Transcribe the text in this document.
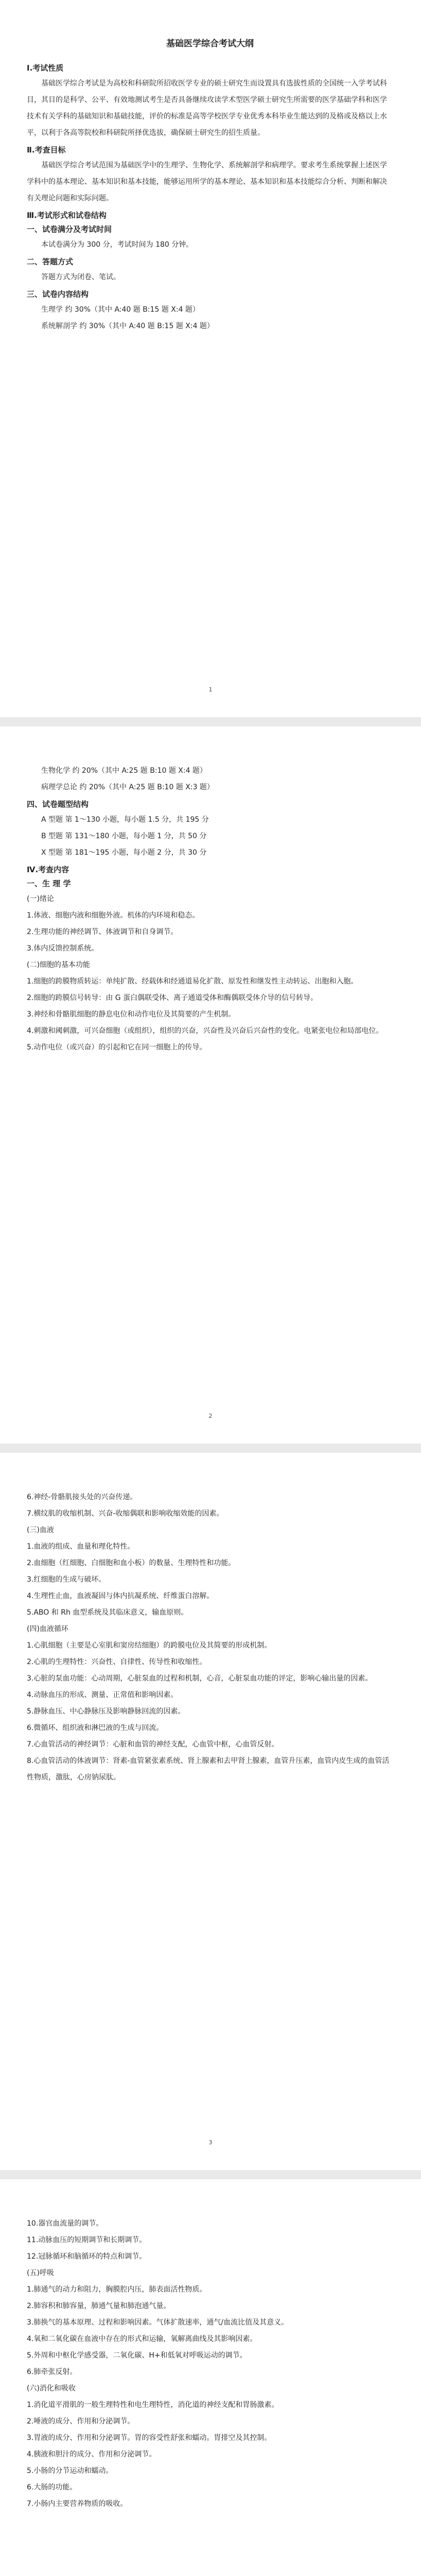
基础医学综合考试大纲
Ⅰ.考试性质
基础医学综合考试是为高校和科研院所招收医学专业的硕士研究生而设置具有选拔性质的全国统一入学考试科目，其目的是科学、公平、有效地测试考生是否具备继续攻读学术型医学硕士研究生所需要的医学基础学科和医学技术有关学科的基础知识和基础技能，评价的标准是高等学校医学专业优秀本科毕业生能达到的及格或及格以上水平，以利于各高等院校和科研院所择优选拔，确保硕士研究生的招生质量。
Ⅱ.考查目标
基础医学综合考试范围为基础医学中的生理学、生物化学、系统解剖学和病理学。要求考生系统掌握上述医学学科中的基本理论、基本知识和基本技能，能够运用所学的基本理论、基本知识和基本技能综合分析、判断和解决有关理论问题和实际问题。
Ⅲ.考试形式和试卷结构
一、试卷满分及考试时间
本试卷满分为 300 分，考试时间为 180 分钟。
二、答题方式
答题方式为闭卷、笔试。
三、试卷内容结构
生理学 约 30%（其中 A:40 题 B:15 题 X:4 题）
系统解剖学 约 30%（其中 A:40 题 B:15 题 X:4 题）
1
生物化学 约 20%（其中 A:25 题 B:10 题 X:4 题）
病理学总论 约 20%（其中 A:25 题 B:10 题 X:3 题）
四、试卷题型结构
A 型题 第 1～130 小题，每小题 1.5 分，共 195 分
B 型题 第 131～180 小题，每小题 1 分，共 50 分
X 型题 第 181～195 小题，每小题 2 分，共 30 分
Ⅳ.考查内容
一、生 理 学
(一)绪论
1.体液、细胞内液和细胞外液。机体的内环境和稳态。
2.生理功能的神经调节、体液调节和自身调节。
3.体内反馈控制系统。
(二)细胞的基本功能
1.细胞的跨膜物质转运：单纯扩散、经载体和经通道易化扩散、原发性和继发性主动转运、出胞和入胞。
2.细胞的跨膜信号转导：由 G 蛋白偶联受体、离子通道受体和酶偶联受体介导的信号转导。
3.神经和骨骼肌细胞的静息电位和动作电位及其简要的产生机制。
4.刺激和阈刺激，可兴奋细胞（或组织），组织的兴奋，兴奋性及兴奋后兴奋性的变化。电紧张电位和局部电位。
5.动作电位（或兴奋）的引起和它在同一细胞上的传导。
2
6.神经-骨骼肌接头处的兴奋传递。
7.横纹肌的收缩机制、兴奋-收缩偶联和影响收缩效能的因素。
(三)血液
1.血液的组成、血量和理化特性。
2.血细胞（红细胞、白细胞和血小板）的数量、生理特性和功能。
3.红细胞的生成与破坏。
4.生理性止血，血液凝固与体内抗凝系统、纤维蛋白溶解。
5.ABO 和 Rh 血型系统及其临床意义，输血原则。
(四)血液循环
1.心肌细胞（主要是心室肌和窦房结细胞）的跨膜电位及其简要的形成机制。
2.心肌的生理特性：兴奋性、自律性、传导性和收缩性。
3.心脏的泵血功能：心动周期，心脏泵血的过程和机制，心音，心脏泵血功能的评定，影响心输出量的因素。
4.动脉血压的形成、测量、正常值和影响因素。
5.静脉血压、中心静脉压及影响静脉回流的因素。
6.微循环、组织液和淋巴液的生成与回流。
7.心血管活动的神经调节：心脏和血管的神经支配，心血管中枢，心血管反射。
8.心血管活动的体液调节：肾素-血管紧张素系统、肾上腺素和去甲肾上腺素，血管升压素，血管内皮生成的血管活性物质，激肽，心房钠尿肽。
3
10.器官血流量的调节。
11.动脉血压的短期调节和长期调节。
12.冠脉循环和脑循环的特点和调节。
(五)呼吸
1.肺通气的动力和阻力，胸膜腔内压，肺表面活性物质。
2.肺容积和肺容量，肺通气量和肺泡通气量。
3.肺换气的基本原理、过程和影响因素。气体扩散速率，通气/血流比值及其意义。
4.氧和二氧化碳在血液中存在的形式和运输，氧解离曲线及其影响因素。
5.外周和中枢化学感受器，二氧化碳、H+和低氧对呼吸运动的调节。
6.肺牵张反射。
(六)消化和吸收
1.消化道平滑肌的一般生理特性和电生理特性，消化道的神经支配和胃肠激素。
2.唾液的成分、作用和分泌调节。
3.胃液的成分、作用和分泌调节。胃的容受性舒张和蠕动。胃排空及其控制。
4.胰液和胆汁的成分、作用和分泌调节。
5.小肠的分节运动和蠕动。
6.大肠的功能。
7.小肠内主要营养物质的吸收。
